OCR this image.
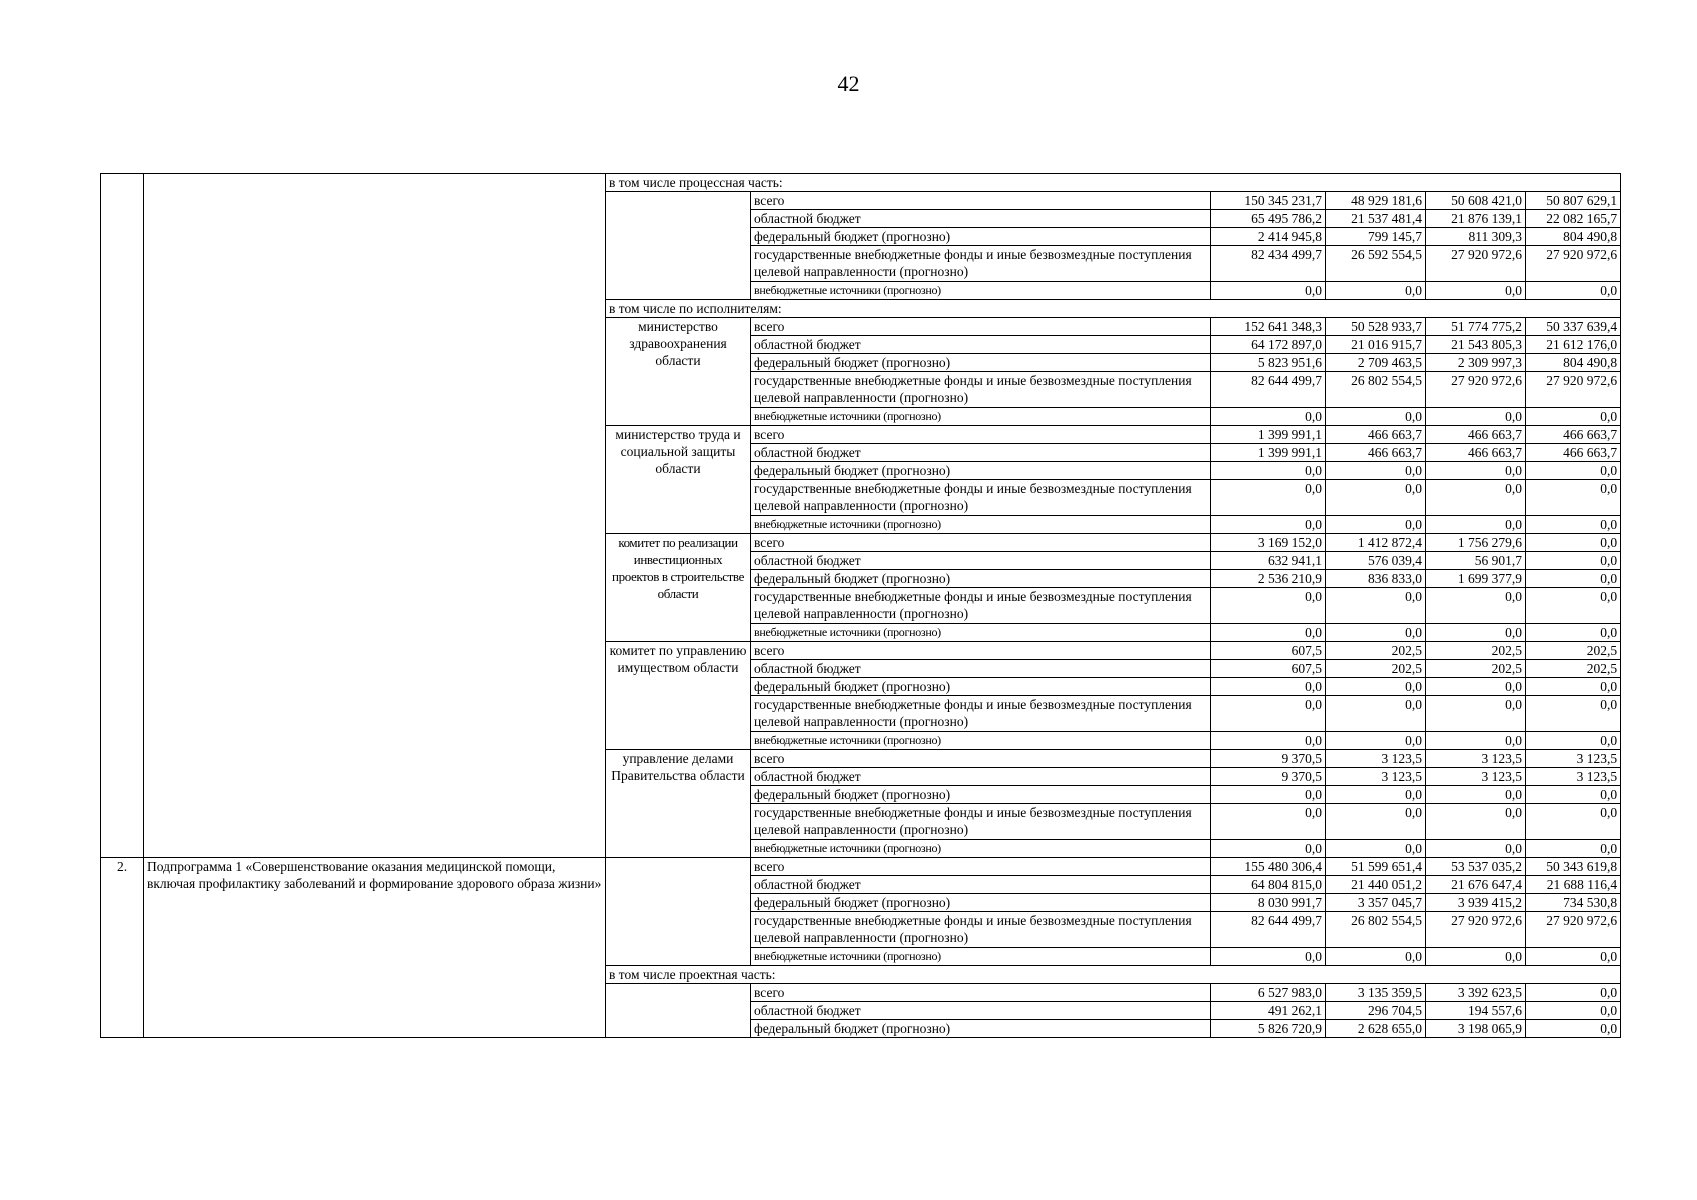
42
		в том числе процессная часть:					
			всего	150 345 231,7	48 929 181,6	50 608 421,0	50 807 629,1
			областной бюджет	65 495 786,2	21 537 481,4	21 876 139,1	22 082 165,7
			федеральный бюджет (прогнозно)	2 414 945,8	799 145,7	811 309,3	804 490,8
			государственные внебюджетные фонды и иные безвозмездные поступления целевой направленности (прогнозно)	82 434 499,7	26 592 554,5	27 920 972,6	27 920 972,6
			внебюджетные источники (прогнозно)	0,0	0,0	0,0	0,0
		в том числе по исполнителям:					
		министерство здравоохранения области	всего	152 641 348,3	50 528 933,7	51 774 775,2	50 337 639,4
			областной бюджет	64 172 897,0	21 016 915,7	21 543 805,3	21 612 176,0
			федеральный бюджет (прогнозно)	5 823 951,6	2 709 463,5	2 309 997,3	804 490,8
			государственные внебюджетные фонды и иные безвозмездные поступления целевой направленности (прогнозно)	82 644 499,7	26 802 554,5	27 920 972,6	27 920 972,6
			внебюджетные источники (прогнозно)	0,0	0,0	0,0	0,0
		министерство труда и социальной защиты области	всего	1 399 991,1	466 663,7	466 663,7	466 663,7
			областной бюджет	1 399 991,1	466 663,7	466 663,7	466 663,7
			федеральный бюджет (прогнозно)	0,0	0,0	0,0	0,0
			государственные внебюджетные фонды и иные безвозмездные поступления целевой направленности (прогнозно)	0,0	0,0	0,0	0,0
			внебюджетные источники (прогнозно)	0,0	0,0	0,0	0,0
		комитет по реализации инвестиционных проектов в строительстве области	всего	3 169 152,0	1 412 872,4	1 756 279,6	0,0
			областной бюджет	632 941,1	576 039,4	56 901,7	0,0
			федеральный бюджет (прогнозно)	2 536 210,9	836 833,0	1 699 377,9	0,0
			государственные внебюджетные фонды и иные безвозмездные поступления целевой направленности (прогнозно)	0,0	0,0	0,0	0,0
			внебюджетные источники (прогнозно)	0,0	0,0	0,0	0,0
		комитет по управлению имуществом области	всего	607,5	202,5	202,5	202,5
			областной бюджет	607,5	202,5	202,5	202,5
			федеральный бюджет (прогнозно)	0,0	0,0	0,0	0,0
			государственные внебюджетные фонды и иные безвозмездные поступления целевой направленности (прогнозно)	0,0	0,0	0,0	0,0
			внебюджетные источники (прогнозно)	0,0	0,0	0,0	0,0
		управление делами Правительства области	всего	9 370,5	3 123,5	3 123,5	3 123,5
			областной бюджет	9 370,5	3 123,5	3 123,5	3 123,5
			федеральный бюджет (прогнозно)	0,0	0,0	0,0	0,0
			государственные внебюджетные фонды и иные безвозмездные поступления целевой направленности (прогнозно)	0,0	0,0	0,0	0,0
			внебюджетные источники (прогнозно)	0,0	0,0	0,0	0,0
2.	Подпрограмма 1 «Совершенствование оказания медицинской помощи, включая профилактику заболеваний и формирование здорового образа жизни»		всего	155 480 306,4	51 599 651,4	53 537 035,2	50 343 619,8
			областной бюджет	64 804 815,0	21 440 051,2	21 676 647,4	21 688 116,4
			федеральный бюджет (прогнозно)	8 030 991,7	3 357 045,7	3 939 415,2	734 530,8
			государственные внебюджетные фонды и иные безвозмездные поступления целевой направленности (прогнозно)	82 644 499,7	26 802 554,5	27 920 972,6	27 920 972,6
			внебюджетные источники (прогнозно)	0,0	0,0	0,0	0,0
		в том числе проектная часть:					
			всего	6 527 983,0	3 135 359,5	3 392 623,5	0,0
			областной бюджет	491 262,1	296 704,5	194 557,6	0,0
			федеральный бюджет (прогнозно)	5 826 720,9	2 628 655,0	3 198 065,9	0,0
